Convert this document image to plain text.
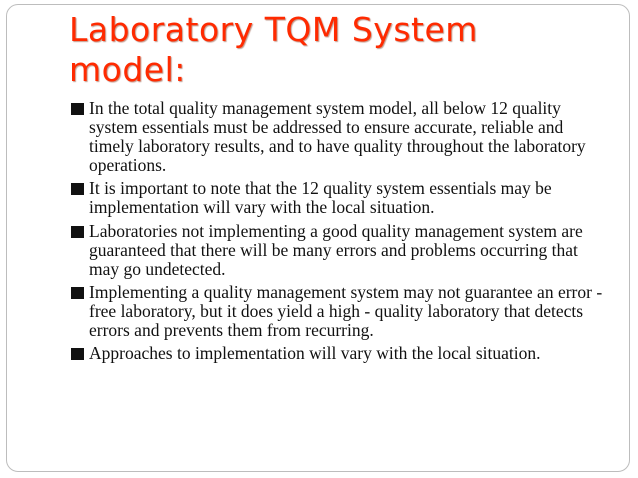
Laboratory TQM System model:
In the total quality management system model, all below 12 quality system essentials must be addressed to ensure accurate, reliable and timely laboratory results, and to have quality throughout the laboratory operations.
It is important to note that the 12 quality system essentials may be implementation will vary with the local situation.
Laboratories not implementing a good quality management system are guaranteed that there will be many errors and problems occurring that may go undetected.
Implementing a quality management system may not guarantee an error -free laboratory, but it does yield a high - quality laboratory that detects errors and prevents them from recurring.
Approaches to implementation will vary with the local situation.
